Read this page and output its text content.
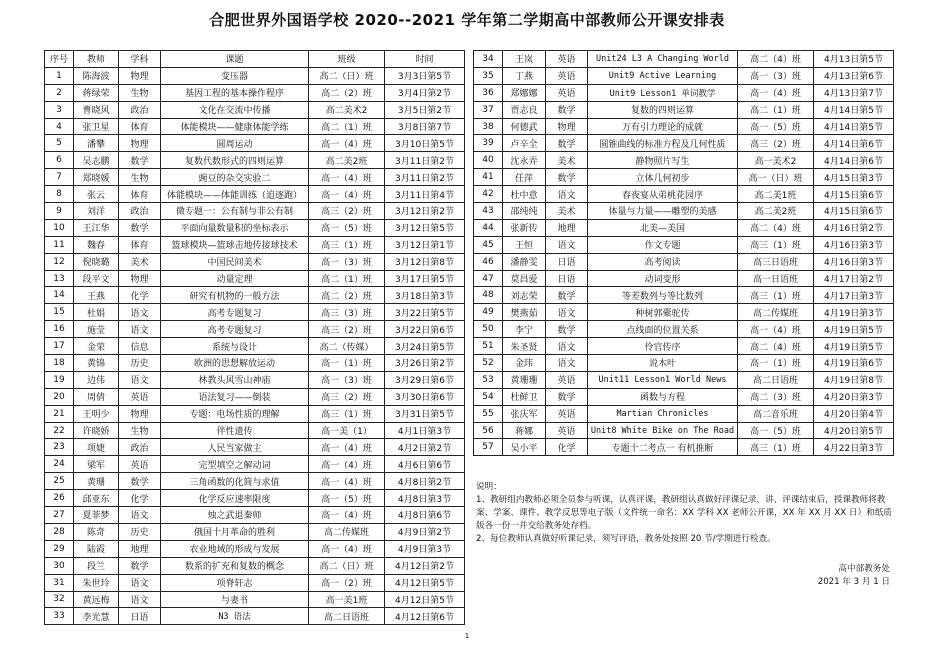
合肥世界外国语学校 2020--2021 学年第二学期高中部教师公开课安排表
序号	教师	学科	课题	班级	时间
1	陈海波	物理	变压器	高二（日）班	3月3日第5节
2	蒋绿荣	生物	基因工程的基本操作程序	高二（2）班	3月4日第2节
3	曹晓风	政治	文化在交流中传播	高二美术2	3月5日第2节
4	张卫星	体育	体能模块——健康体能学练	高二（1）班	3月8日第7节
5	潘攀	物理	圆周运动	高一（4）班	3月10日第5节
6	吴志鹏	数学	复数代数形式的四则运算	高二美2班	3月11日第2节
7	郑晓媛	生物	豌豆的杂交实验二	高一（4）班	3月11日第2节
8	张云	体育	体能模块——体能训练（追逐跑）	高一（4）班	3月11日第4节
9	刘洋	政治	微专题一：公有制与非公有制	高三（2）班	3月12日第2节
10	王江华	数学	平面向量数量积的坐标表示	高一（5）班	3月12日第5节
11	魏春	体育	篮球模块—篮球击地传接球技术	高三（1）班	3月12日第1节
12	倪晓璐	美术	中国民间美术	高一（3）班	3月12日第8节
13	段平文	物理	动量定理	高二（1）班	3月17日第5节
14	王燕	化学	研究有机物的一般方法	高二（2）班	3月18日第3节
15	杜娟	语文	高考专题复习	高三（3）班	3月22日第5节
16	施莹	语文	高考专题复习	高三（2）班	3月22日第6节
17	金荣	信息	系统与设计	高二（传媒）	3月24日第5节
18	黄锦	历史	欧洲的思想解放运动	高一（1）班	3月26日第2节
19	边伟	语文	林教头风雪山神庙	高一（3）班	3月29日第6节
20	周倩	英语	语法复习——倒装	高三（2）班	3月30日第6节
21	王明少	物理	专题：电场性质的理解	高三（1）班	3月31日第5节
22	许晓娇	生物	伴性遗传	高一美（1）	4月1日第3节
23	项婕	政治	人民当家做主	高一（4）班	4月2日第2节
24	梁军	英语	完型填空之解动词	高一（4）班	4月6日第6节
25	黄珊	数学	三角函数的化简与求值	高一（4）班	4月8日第2节
26	邱亚东	化学	化学反应速率限度	高一（5）班	4月8日第3节
27	夏菲梦	语文	烛之武退秦师	高一（4）班	4月8日第6节
28	陈奇	历史	俄国十月革命的胜利	高二传媒班	4月9日第2节
29	陆霞	地理	农业地域的形成与发展	高一（4）班	4月9日第3节
30	段兰	数学	数系的扩充和复数的概念	高二（日）班	4月12日第2节
31	朱世玲	语文	项脊轩志	高一（2）班	4月12日第5节
32	黄远梅	语文	与妻书	高一美1班	4月12日第5节
33	李光慧	日语	N3 语法	高二日语班	4月12日第6节
34	王岚	英语	Unit24 L3 A Changing World	高二（4）班	4月13日第5节
35	丁燕	英语	Unit9 Active Learning	高一（3）班	4月13日第6节
36	郑娜娜	英语	Unit9 Lesson1 单词教学	高一（4）班	4月13日第7节
37	贾志良	数学	复数的四则运算	高二（1）班	4月14日第5节
38	何德武	物理	万有引力理论的成就	高一（5）班	4月14日第5节
39	卢辛全	数学	圆锥曲线的标准方程及几何性质	高三（2）班	4月14日第6节
40	沈永弄	美术	静物照片写生	高一美术2	4月14日第6节
41	任萍	数学	立体几何初步	高一（日）班	4月15日第3节
42	杜中意	语文	春夜宴从弟桃花园序	高二美1班	4月15日第6节
43	邵纯纯	美术	体量与力量——雕塑的美感	高二美2班	4月15日第6节
44	张新传	地理	北美—美国	高二（4）班	4月16日第2节
45	王恒	语文	作文专题	高三（1）班	4月16日第3节
46	潘静雯	日语	高考阅读	高三日语班	4月16日第3节
47	莫昌爱	日语	动词变形	高一日语班	4月17日第2节
48	刘志荣	数学	等差数列与等比数列	高三（1）班	4月17日第3节
49	樊燕茹	语文	种树郭橐驼传	高二传媒班	4月19日第3节
50	李宁	数学	点线面的位置关系	高一（4）班	4月19日第5节
51	朱圣贤	语文	伶官传序	高二（4）班	4月19日第5节
52	金玮	语文	说木叶	高一（1）班	4月19日第6节
53	黄珊珊	英语	Unit11 Lesson1 World News	高二日语班	4月19日第8节
54	杜鲜卫	数学	函数与方程	高二（3）班	4月20日第3节
55	张庆军	英语	Martian Chronicles	高二音乐班	4月20日第4节
56	蒋娜	英语	Unit8 White Bike on The Road	高一（5）班	4月20日第5节
57	吴小平	化学	专题十二考点一 有机推断	高三（1）班	4月22日第3节

说明：

1、教研组内教师必须全员参与听课，认真评课，教研组认真做好评课记录，讲、评课结束后，授课教师将教案、学案、课件、教学反思等电子版（文件统一命名：XX 学科 XX 老师公开课，XX 年 XX 月 XX 日）和纸质版各一份一并交给教务处存档。

2、每位教师认真做好听课记录，须写评语，教务处按照 20 节/学期进行检查。

高中部教务处
2021 年 3 月 1 日
1
